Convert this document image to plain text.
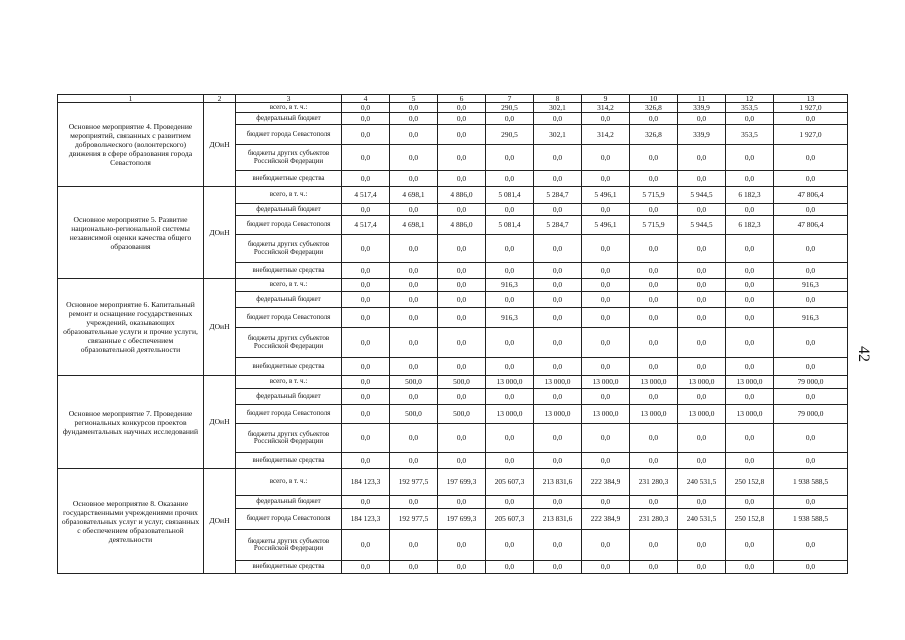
1	2	3	4	5	6	7	8	9	10	11	12	13
Основное мероприятие 4. Проведение мероприятий, связанных с развитием добровольческого (волонтерского) движения в сфере образования города Севастополя	ДОиН	всего, в т. ч.:	0,0	0,0	0,0	290,5	302,1	314,2	326,8	339,9	353,5	1 927,0
		федеральный бюджет	0,0	0,0	0,0	0,0	0,0	0,0	0,0	0,0	0,0	0,0
		бюджет города Севастополя	0,0	0,0	0,0	290,5	302,1	314,2	326,8	339,9	353,5	1 927,0
		бюджеты других субъектов Российской Федерации	0,0	0,0	0,0	0,0	0,0	0,0	0,0	0,0	0,0	0,0
		внебюджетные средства	0,0	0,0	0,0	0,0	0,0	0,0	0,0	0,0	0,0	0,0
Основное мероприятие 5. Развитие национально-региональной системы независимой оценки качества общего образования	ДОиН	всего, в т. ч.:	4 517,4	4 698,1	4 886,0	5 081,4	5 284,7	5 496,1	5 715,9	5 944,5	6 182,3	47 806,4
		федеральный бюджет	0,0	0,0	0,0	0,0	0,0	0,0	0,0	0,0	0,0	0,0
		бюджет города Севастополя	4 517,4	4 698,1	4 886,0	5 081,4	5 284,7	5 496,1	5 715,9	5 944,5	6 182,3	47 806,4
		бюджеты других субъектов Российской Федерации	0,0	0,0	0,0	0,0	0,0	0,0	0,0	0,0	0,0	0,0
		внебюджетные средства	0,0	0,0	0,0	0,0	0,0	0,0	0,0	0,0	0,0	0,0
Основное мероприятие 6. Капитальный ремонт и оснащение государственных учреждений, оказывающих образовательные услуги и прочие услуги, связанные с обеспечением образовательной деятельности	ДОиН	всего, в т. ч.:	0,0	0,0	0,0	916,3	0,0	0,0	0,0	0,0	0,0	916,3
		федеральный бюджет	0,0	0,0	0,0	0,0	0,0	0,0	0,0	0,0	0,0	0,0
		бюджет города Севастополя	0,0	0,0	0,0	916,3	0,0	0,0	0,0	0,0	0,0	916,3
		бюджеты других субъектов Российской Федерации	0,0	0,0	0,0	0,0	0,0	0,0	0,0	0,0	0,0	0,0
		внебюджетные средства	0,0	0,0	0,0	0,0	0,0	0,0	0,0	0,0	0,0	0,0
Основное мероприятие 7. Проведение региональных конкурсов проектов фундаментальных научных исследований	ДОиН	всего, в т. ч.:	0,0	500,0	500,0	13 000,0	13 000,0	13 000,0	13 000,0	13 000,0	13 000,0	79 000,0
		федеральный бюджет	0,0	0,0	0,0	0,0	0,0	0,0	0,0	0,0	0,0	0,0
		бюджет города Севастополя	0,0	500,0	500,0	13 000,0	13 000,0	13 000,0	13 000,0	13 000,0	13 000,0	79 000,0
		бюджеты других субъектов Российской Федерации	0,0	0,0	0,0	0,0	0,0	0,0	0,0	0,0	0,0	0,0
		внебюджетные средства	0,0	0,0	0,0	0,0	0,0	0,0	0,0	0,0	0,0	0,0
Основное мероприятие 8. Оказание государственными учреждениями прочих образовательных услуг и услуг, связанных с обеспечением образовательной деятельности	ДОиН	всего, в т. ч.:	184 123,3	192 977,5	197 699,3	205 607,3	213 831,6	222 384,9	231 280,3	240 531,5	250 152,8	1 938 588,5
		федеральный бюджет	0,0	0,0	0,0	0,0	0,0	0,0	0,0	0,0	0,0	0,0
		бюджет города Севастополя	184 123,3	192 977,5	197 699,3	205 607,3	213 831,6	222 384,9	231 280,3	240 531,5	250 152,8	1 938 588,5
		бюджеты других субъектов Российской Федерации	0,0	0,0	0,0	0,0	0,0	0,0	0,0	0,0	0,0	0,0
		внебюджетные средства	0,0	0,0	0,0	0,0	0,0	0,0	0,0	0,0	0,0	0,0
42
